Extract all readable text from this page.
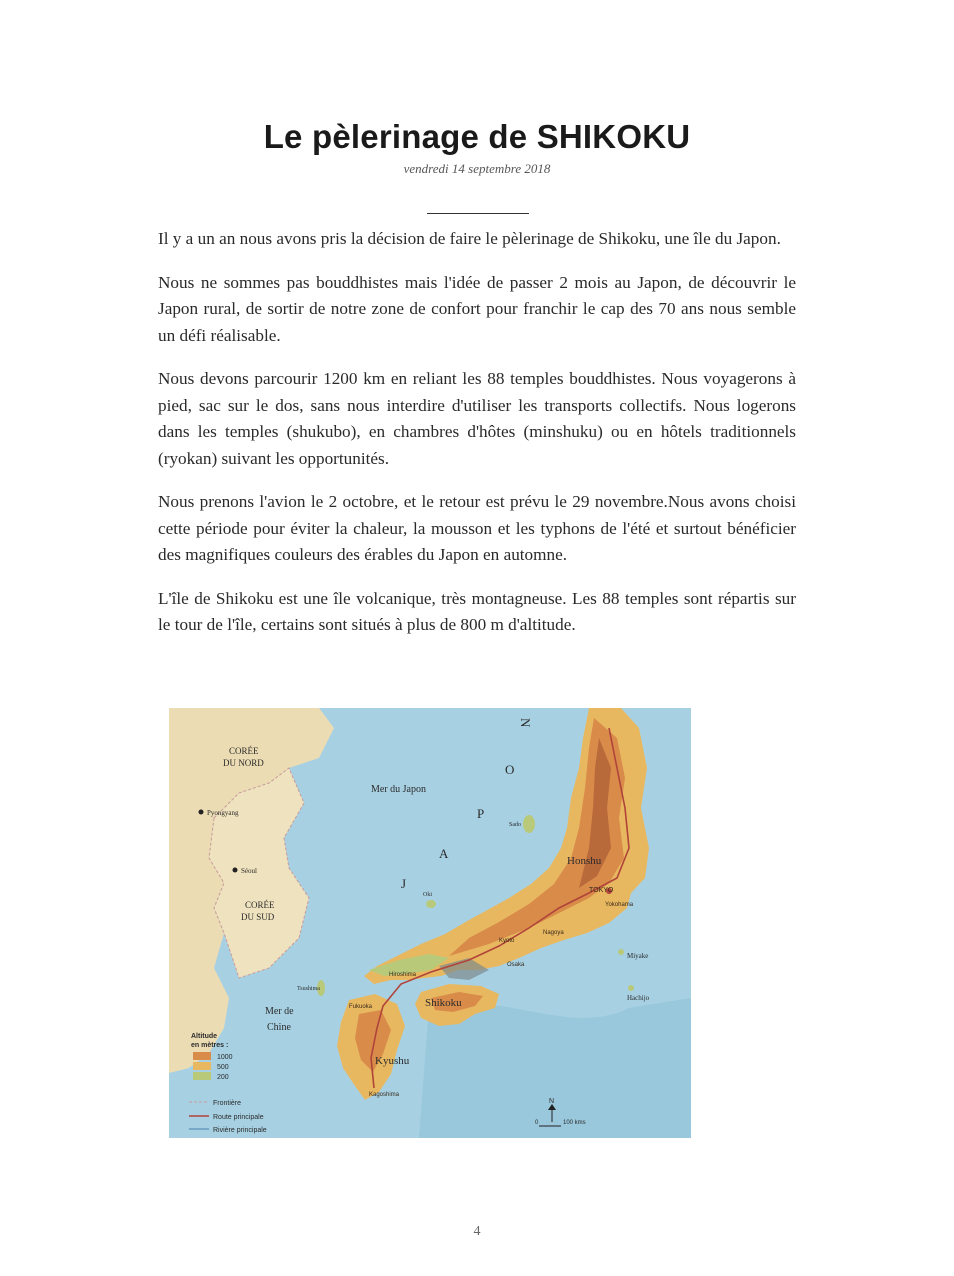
Le pèlerinage de SHIKOKU
vendredi 14 septembre 2018

Il y a un an nous avons pris la décision de faire le pèlerinage de Shikoku, une île du Japon.

Nous ne sommes pas bouddhistes mais l'idée de passer 2 mois au Japon, de découvrir le Japon rural, de sortir de notre zone de confort pour franchir le cap des 70 ans nous semble un défi réalisable.

Nous devons parcourir 1200 km en reliant les 88 temples bouddhistes. Nous voyagerons à pied, sac sur le dos, sans nous interdire d'utiliser les transports collectifs. Nous logerons dans les temples (shukubo), en chambres d'hôtes (minshuku) ou en hôtels traditionnels (ryokan) suivant les opportunités.

Nous prenons l'avion le 2 octobre, et le retour est prévu le 29 novembre.Nous avons choisi cette période pour éviter la chaleur, la mousson et les typhons de l'été et surtout bénéficier des magnifiques couleurs des érables du Japon en automne.

L'île de Shikoku est une île volcanique, très montagneuse. Les 88 temples sont répartis sur le tour de l'île, certains sont situés à plus de 800 m d'altitude.

CORÉE
DU NORD
Pyongyang
Séoul
CORÉE
DU SUD
Mer du Japon
Mer de
Chine
N
O
P
A
J
Honshu
Shikoku
Kyushu
TOKYO
Yokohama
Nagoya
Kyoto
Osaka
Hiroshima
Fukuoka
Kagoshima
Sado
Oki
Tsushima
Miyake
Hachijo
Altitude
en mètres :
1000
500
200
Frontière
Route principale
Rivière principale
N
0	100 kms
4
